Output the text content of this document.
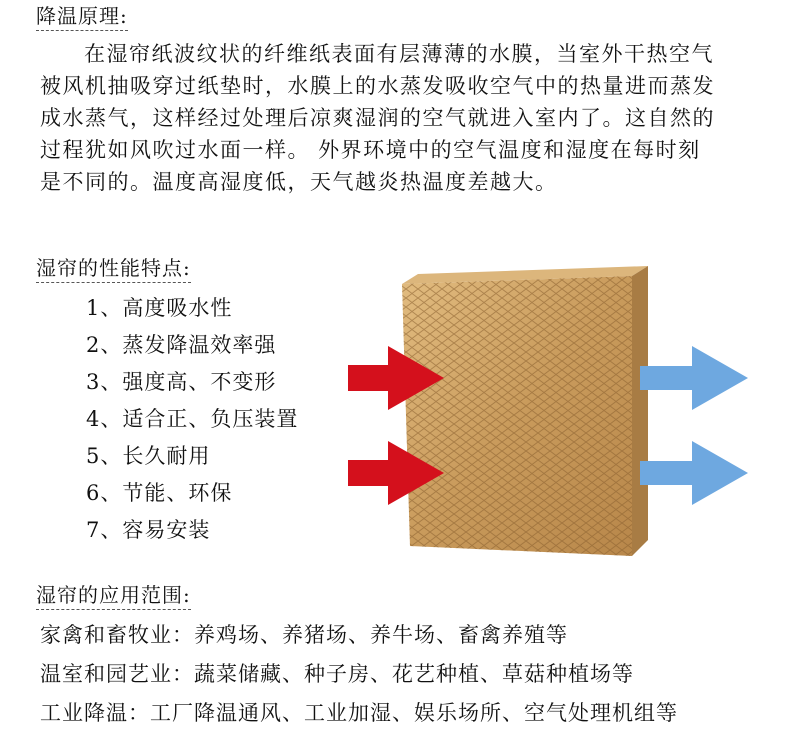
降温原理:
在湿帘纸波纹状的纤维纸表面有层薄薄的水膜，当室外干热空气
被风机抽吸穿过纸垫时，水膜上的水蒸发吸收空气中的热量进而蒸发
成水蒸气，这样经过处理后凉爽湿润的空气就进入室内了。这自然的
过程犹如风吹过水面一样。 外界环境中的空气温度和湿度在每时刻
是不同的。温度高湿度低，天气越炎热温度差越大。
湿帘的性能特点:
1、高度吸水性
2、蒸发降温效率强
3、强度高、不变形
4、适合正、负压装置
5、长久耐用
6、节能、环保
7、容易安装
湿帘的应用范围:
家禽和畜牧业：养鸡场、养猪场、养牛场、畜禽养殖等
温室和园艺业：蔬菜储藏、种子房、花艺种植、草菇种植场等
工业降温：工厂降温通风、工业加湿、娱乐场所、空气处理机组等
